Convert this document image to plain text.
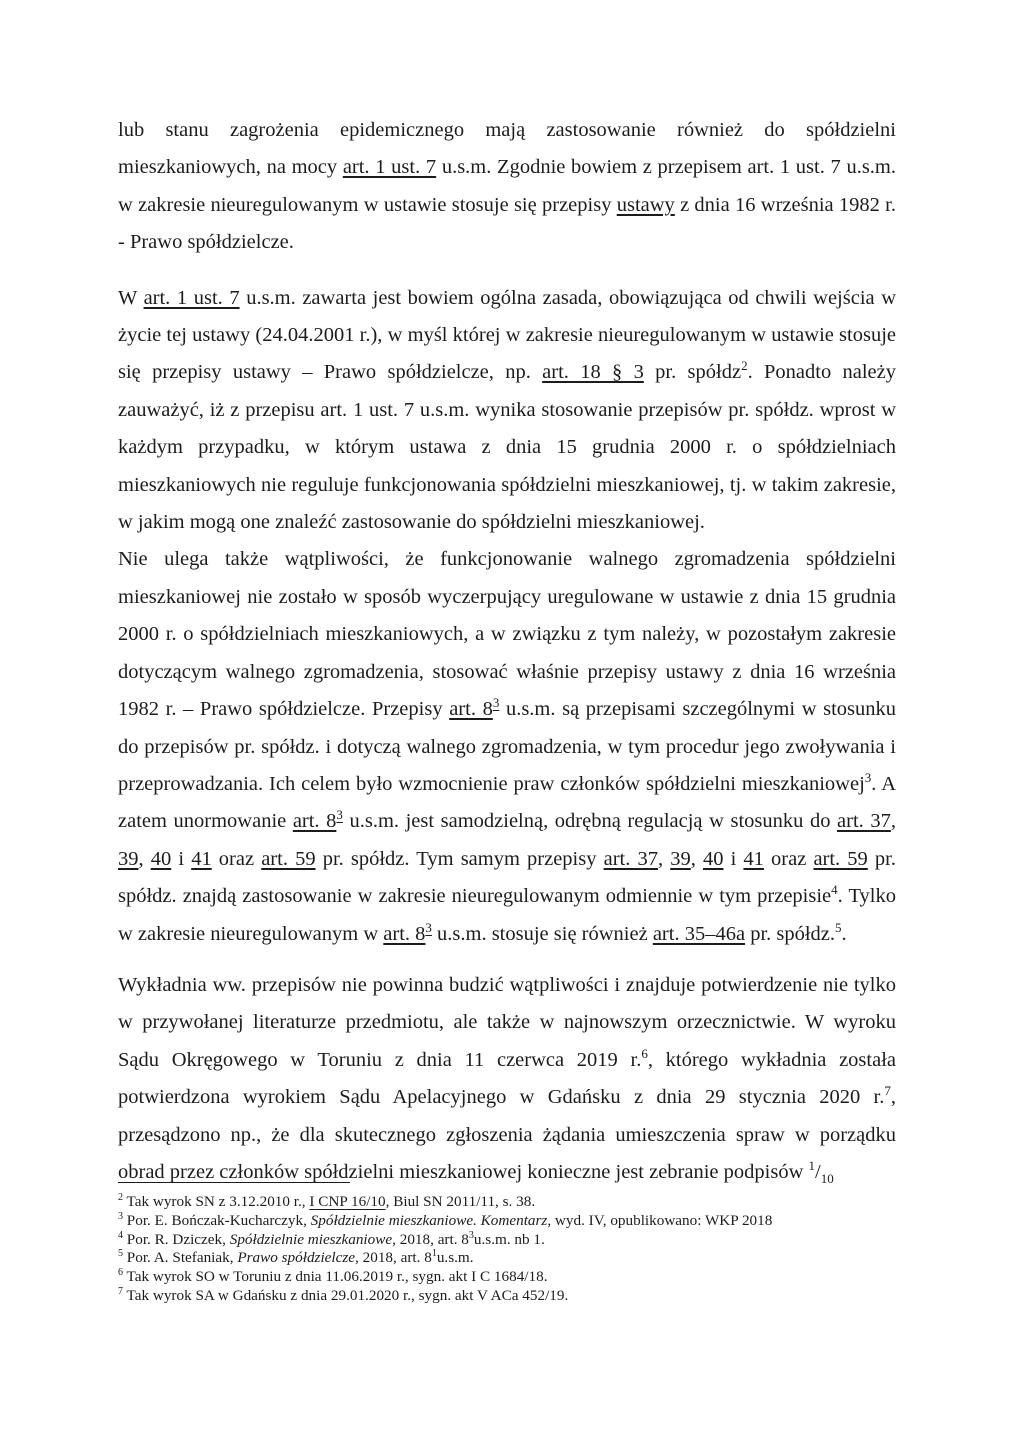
lub stanu zagrożenia epidemicznego mają zastosowanie również do spółdzielni mieszkaniowych, na mocy art. 1 ust. 7 u.s.m. Zgodnie bowiem z przepisem art. 1 ust. 7 u.s.m. w zakresie nieuregulowanym w ustawie stosuje się przepisy ustawy z dnia 16 września 1982 r. - Prawo spółdzielcze.

W art. 1 ust. 7 u.s.m. zawarta jest bowiem ogólna zasada, obowiązująca od chwili wejścia w życie tej ustawy (24.04.2001 r.), w myśl której w zakresie nieuregulowanym w ustawie stosuje się przepisy ustawy – Prawo spółdzielcze, np. art. 18 § 3 pr. spółdz$^2$. Ponadto należy zauważyć, iż z przepisu art. 1 ust. 7 u.s.m. wynika stosowanie przepisów pr. spółdz. wprost w każdym przypadku, w którym ustawa z dnia 15 grudnia 2000 r. o spółdzielniach mieszkaniowych nie reguluje funkcjonowania spółdzielni mieszkaniowej, tj. w takim zakresie, w jakim mogą one znaleźć zastosowanie do spółdzielni mieszkaniowej.

Nie ulega także wątpliwości, że funkcjonowanie walnego zgromadzenia spółdzielni mieszkaniowej nie zostało w sposób wyczerpujący uregulowane w ustawie z dnia 15 grudnia 2000 r. o spółdzielniach mieszkaniowych, a w związku z tym należy, w pozostałym zakresie dotyczącym walnego zgromadzenia, stosować właśnie przepisy ustawy z dnia 16 września 1982 r. – Prawo spółdzielcze. Przepisy art. $8^3$ u.s.m. są przepisami szczególnymi w stosunku do przepisów pr. spółdz. i dotyczą walnego zgromadzenia, w tym procedur jego zwoływania i przeprowadzania. Ich celem było wzmocnienie praw członków spółdzielni mieszkaniowej$^3$. A zatem unormowanie art. $8^3$ u.s.m. jest samodzielną, odrębną regulacją w stosunku do art. 37, 39, 40 i 41 oraz art. 59 pr. spółdz. Tym samym przepisy art. 37, 39, 40 i 41 oraz art. 59 pr. spółdz. znajdą zastosowanie w zakresie nieuregulowanym odmiennie w tym przepisie$^4$. Tylko w zakresie nieuregulowanym w art. $8^3$ u.s.m. stosuje się również art. 35–46a pr. spółdz.$^5$.

Wykładnia ww. przepisów nie powinna budzić wątpliwości i znajduje potwierdzenie nie tylko w przywołanej literaturze przedmiotu, ale także w najnowszym orzecznictwie. W wyroku Sądu Okręgowego w Toruniu z dnia 11 czerwca 2019 r.$^6$, którego wykładnia została potwierdzona wyrokiem Sądu Apelacyjnego w Gdańsku z dnia 29 stycznia 2020 r.$^7$, przesądzono np., że dla skutecznego zgłoszenia żądania umieszczenia spraw w porządku obrad przez członków spółdzielni mieszkaniowej konieczne jest zebranie podpisów $^1/_{10}$

$^2$ Tak wyrok SN z 3.12.2010 r., I CNP 16/10, Biul SN 2011/11, s. 38.

$^3$ Por. E. Bończak-Kucharczyk, Spółdzielnie mieszkaniowe. Komentarz, wyd. IV, opublikowano: WKP 2018

$^4$ Por. R. Dziczek, Spółdzielnie mieszkaniowe, 2018, art. $8^3u.s.m$. nb 1.

$^5$ Por. A. Stefaniak, Prawo spółdzielcze, 2018, art. $8^1u.s.m$.

$^6$ Tak wyrok SO w Toruniu z dnia 11.06.2019 r., sygn. akt I C 1684/18.

$^7$ Tak wyrok SA w Gdańsku z dnia 29.01.2020 r., sygn. akt V ACa 452/19.
